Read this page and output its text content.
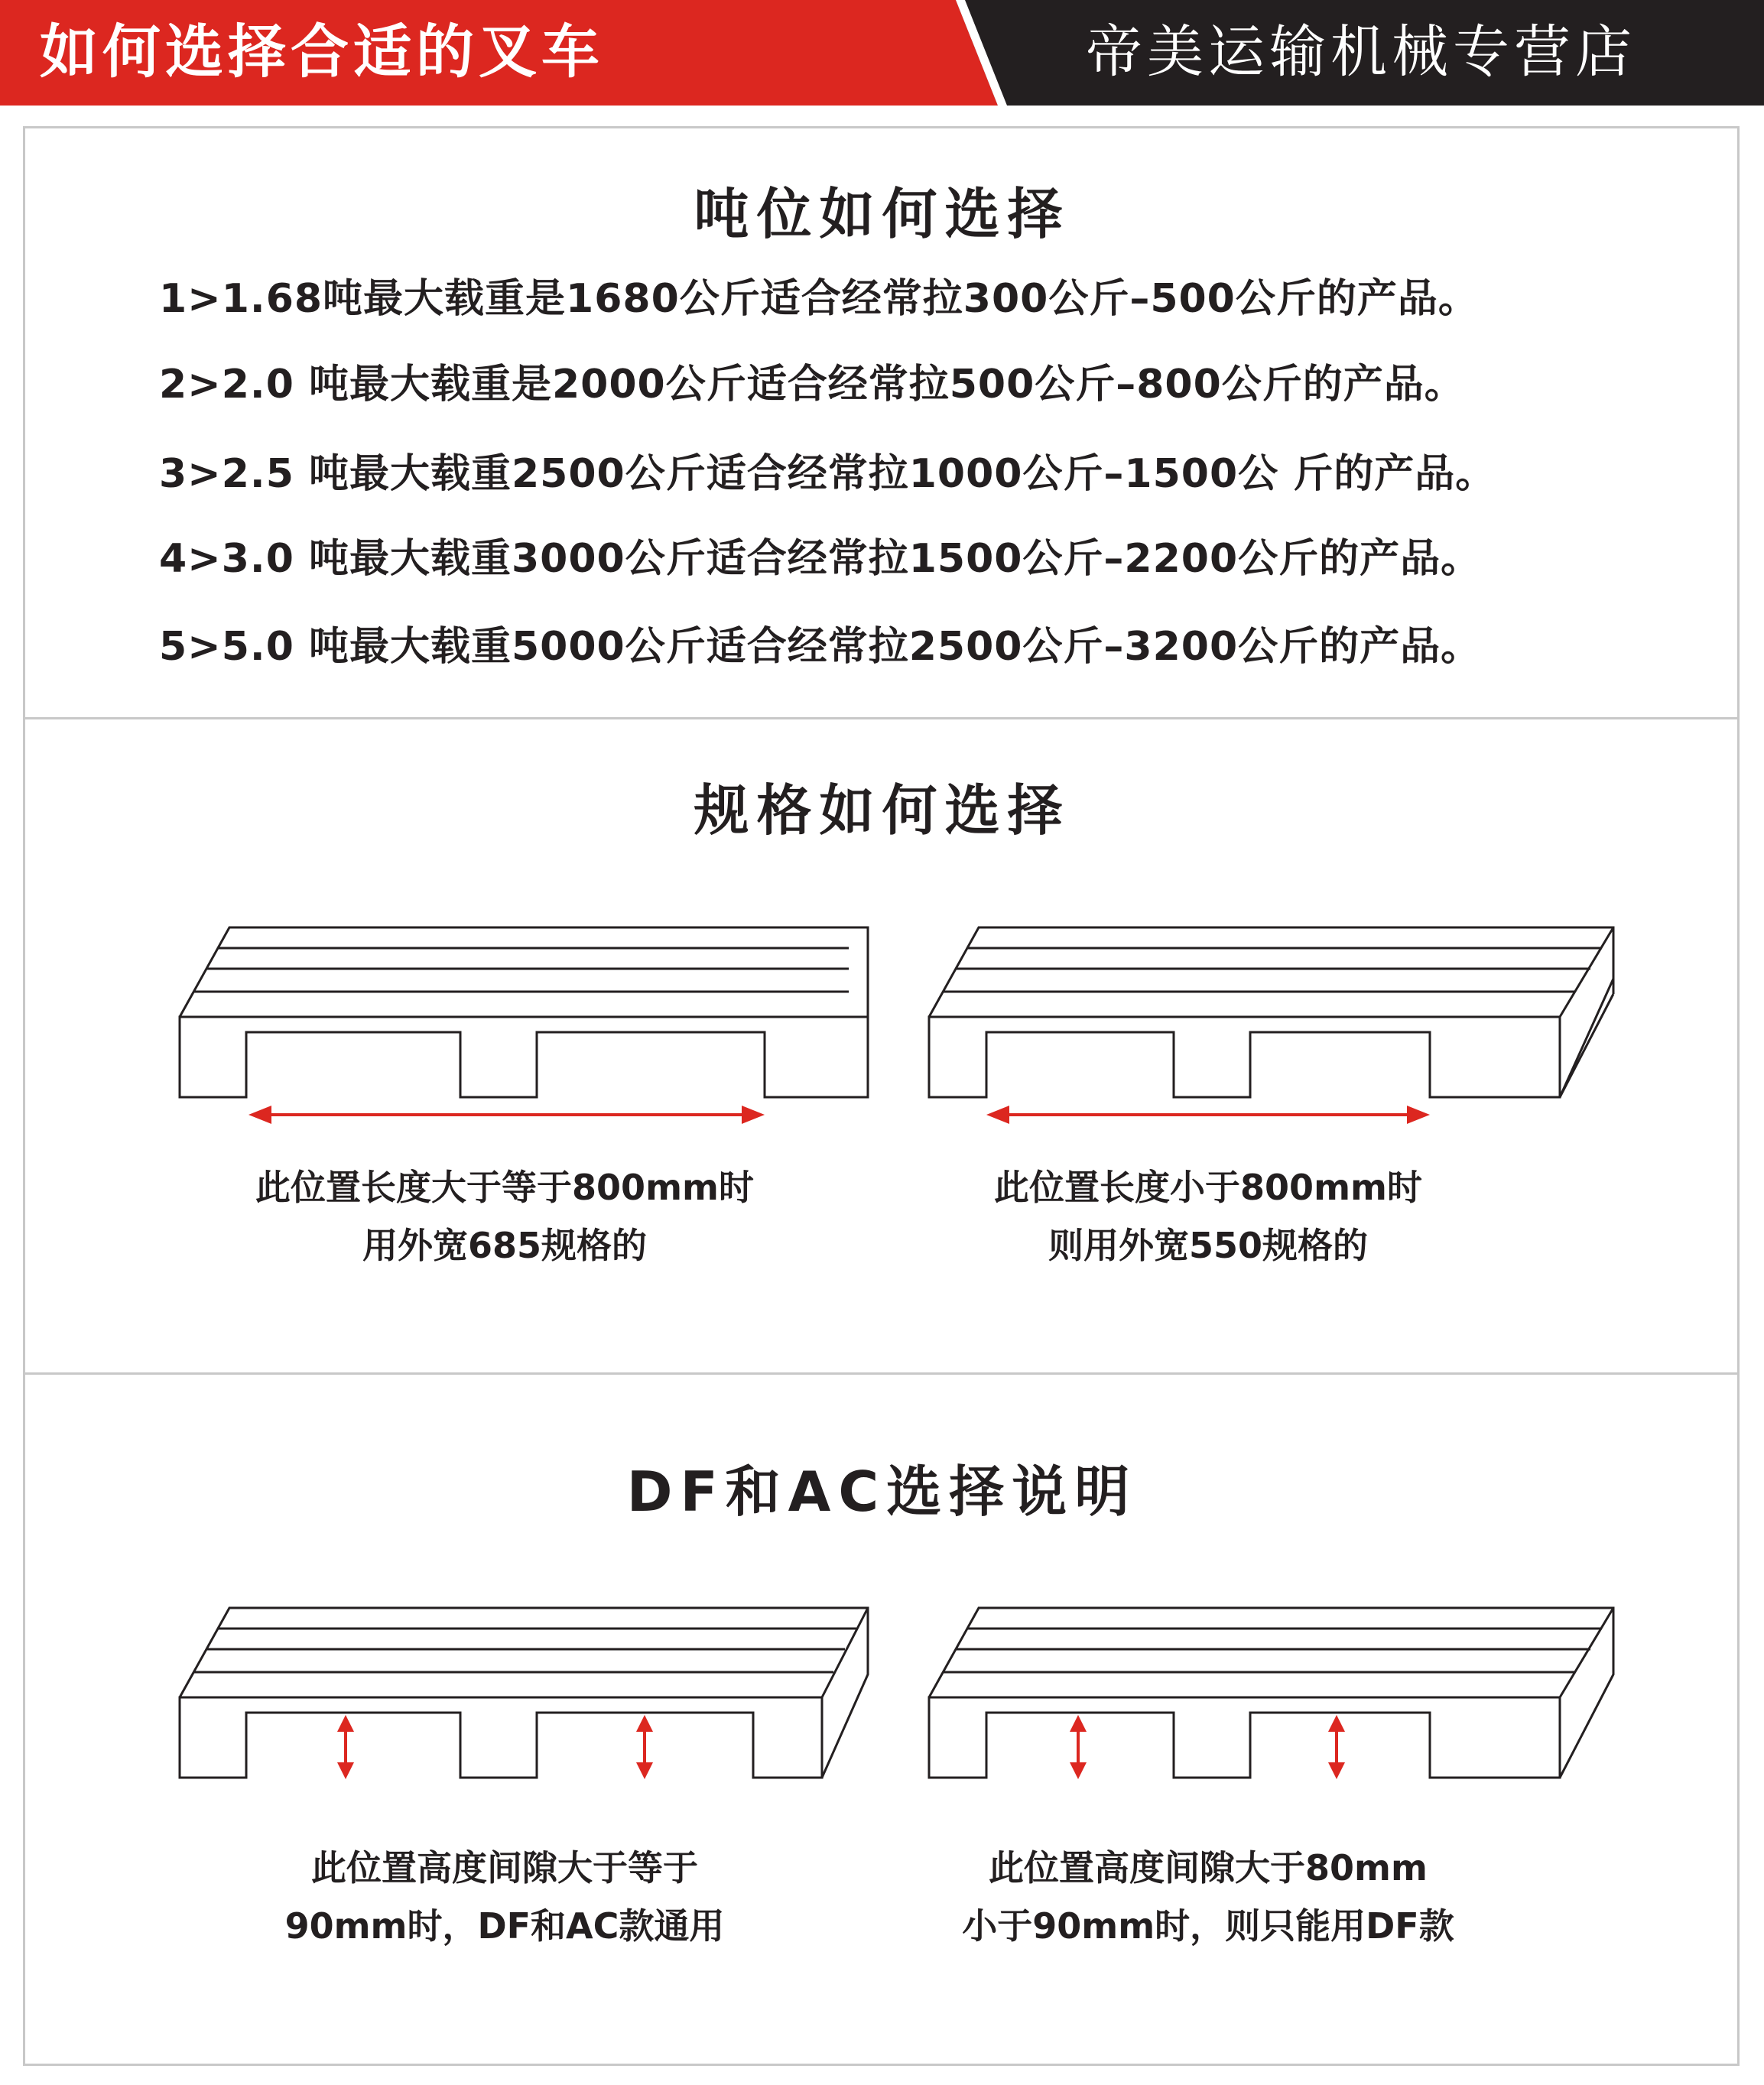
如何选择合适的叉车	帝美运输机械专营店
吨位如何选择
1>1.68吨最大载重是1680公斤适合经常拉300公斤–500公斤的产品。
2>2.0 吨最大载重是2000公斤适合经常拉500公斤–800公斤的产品。
3>2.5 吨最大载重2500公斤适合经常拉1000公斤–1500公 斤的产品。
4>3.0 吨最大载重3000公斤适合经常拉1500公斤–2200公斤的产品。
5>5.0 吨最大载重5000公斤适合经常拉2500公斤–3200公斤的产品。
规格如何选择
此位置长度大于等于800mm时
用外宽685规格的
此位置长度小于800mm时
则用外宽550规格的
DF和AC选择说明
此位置高度间隙大于等于
90mm时，DF和AC款通用
此位置高度间隙大于80mm
小于90mm时，则只能用DF款
